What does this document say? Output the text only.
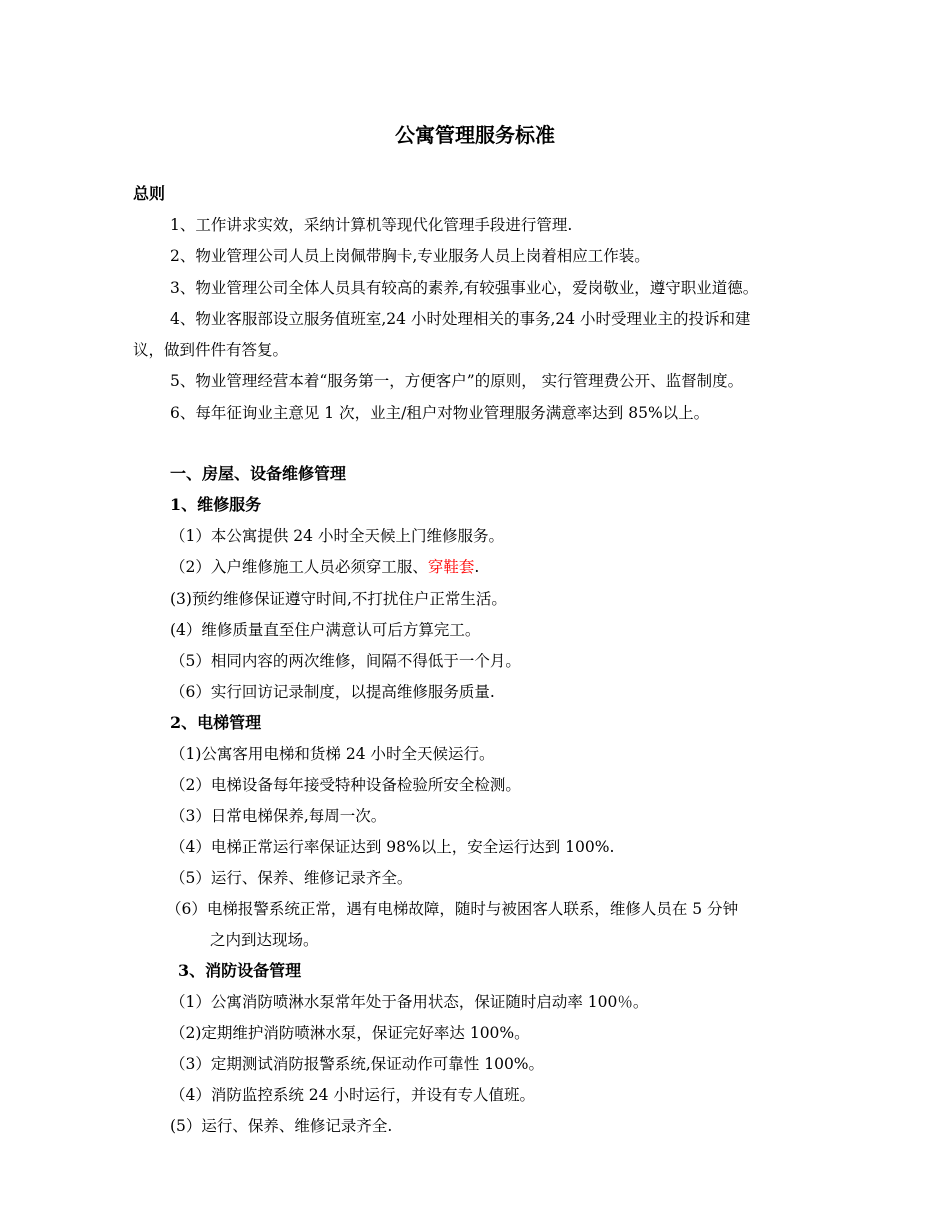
公寓管理服务标准
总则
1、工作讲求实效，采纳计算机等现代化管理手段进行管理.
2、物业管理公司人员上岗佩带胸卡,专业服务人员上岗着相应工作装。
3、物业管理公司全体人员具有较高的素养,有较强事业心，爱岗敬业，遵守职业道德。
4、物业客服部设立服务值班室,24 小时处理相关的事务,24 小时受理业主的投诉和建
议，做到件件有答复。
5、物业管理经营本着“服务第一，方便客户”的原则， 实行管理费公开、监督制度。
6、每年征询业主意见 1 次，业主/租户对物业管理服务满意率达到 85%以上。
一、房屋、设备维修管理
1、维修服务
（1）本公寓提供 24 小时全天候上门维修服务。
（2）入户维修施工人员必须穿工服、穿鞋套.
(3)预约维修保证遵守时间,不打扰住户正常生活。
(4）维修质量直至住户满意认可后方算完工。
（5）相同内容的两次维修，间隔不得低于一个月。
（6）实行回访记录制度，以提高维修服务质量.
2、电梯管理
（1)公寓客用电梯和货梯 24 小时全天候运行。
（2）电梯设备每年接受特种设备检验所安全检测。
（3）日常电梯保养,每周一次。
（4）电梯正常运行率保证达到 98%以上，安全运行达到 100%.
（5）运行、保养、维修记录齐全。
（6）电梯报警系统正常，遇有电梯故障，随时与被困客人联系，维修人员在 5 分钟
之内到达现场。
3、消防设备管理
（1）公寓消防喷淋水泵常年处于备用状态，保证随时启动率 100％。
（2)定期维护消防喷淋水泵，保证完好率达 100%。
（3）定期测试消防报警系统,保证动作可靠性 100%。
（4）消防监控系统 24 小时运行，并设有专人值班。
(5）运行、保养、维修记录齐全.
